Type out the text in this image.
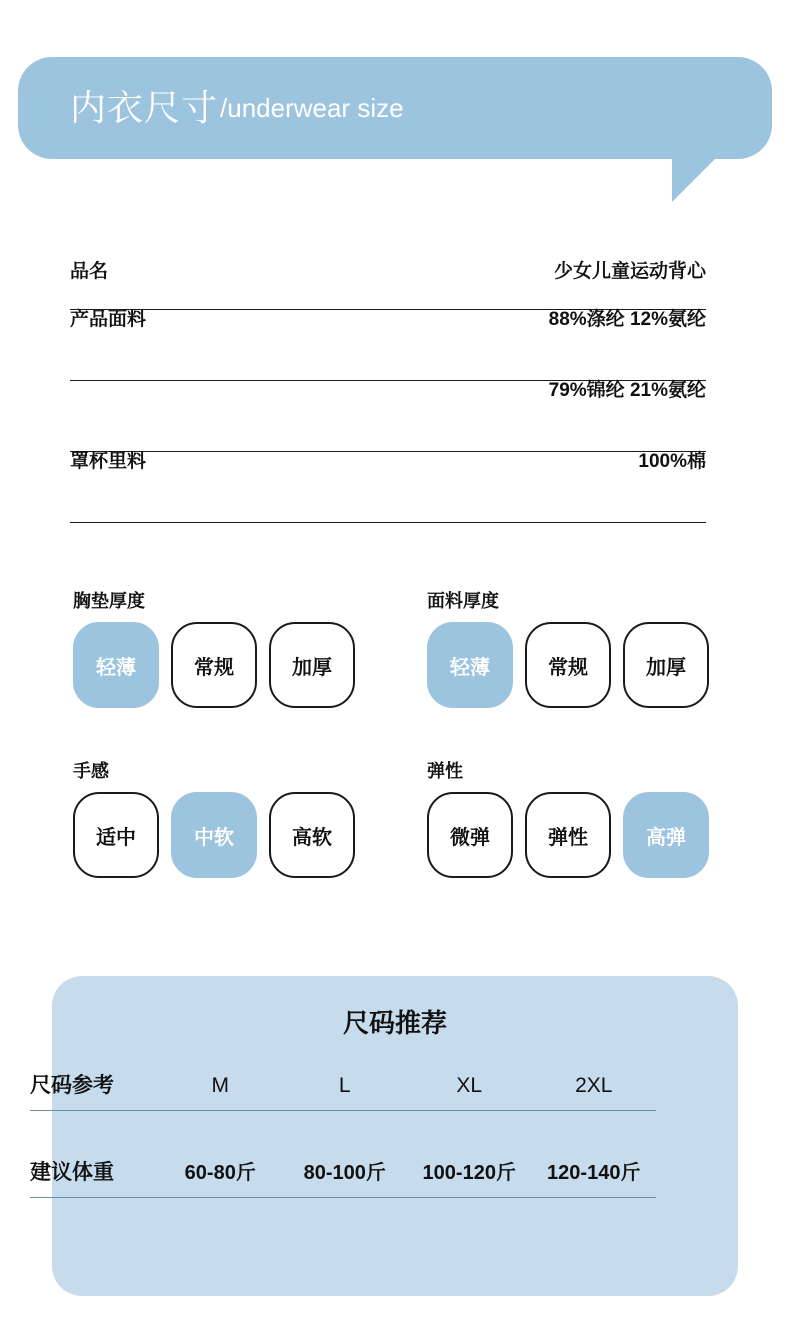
内衣尺寸 /underwear size
品名	少女儿童运动背心
产品面料	88%涤纶 12%氨纶
79%锦纶 21%氨纶
罩杯里料	100%棉
胸垫厚度
轻薄	常规	加厚
面料厚度
轻薄	常规	加厚
手感
适中	中软	高软
弹性
微弹	弹性	高弹
尺码推荐
尺码参考	M	L	XL	2XL
建议体重	60-80斤	80-100斤	100-120斤	120-140斤
